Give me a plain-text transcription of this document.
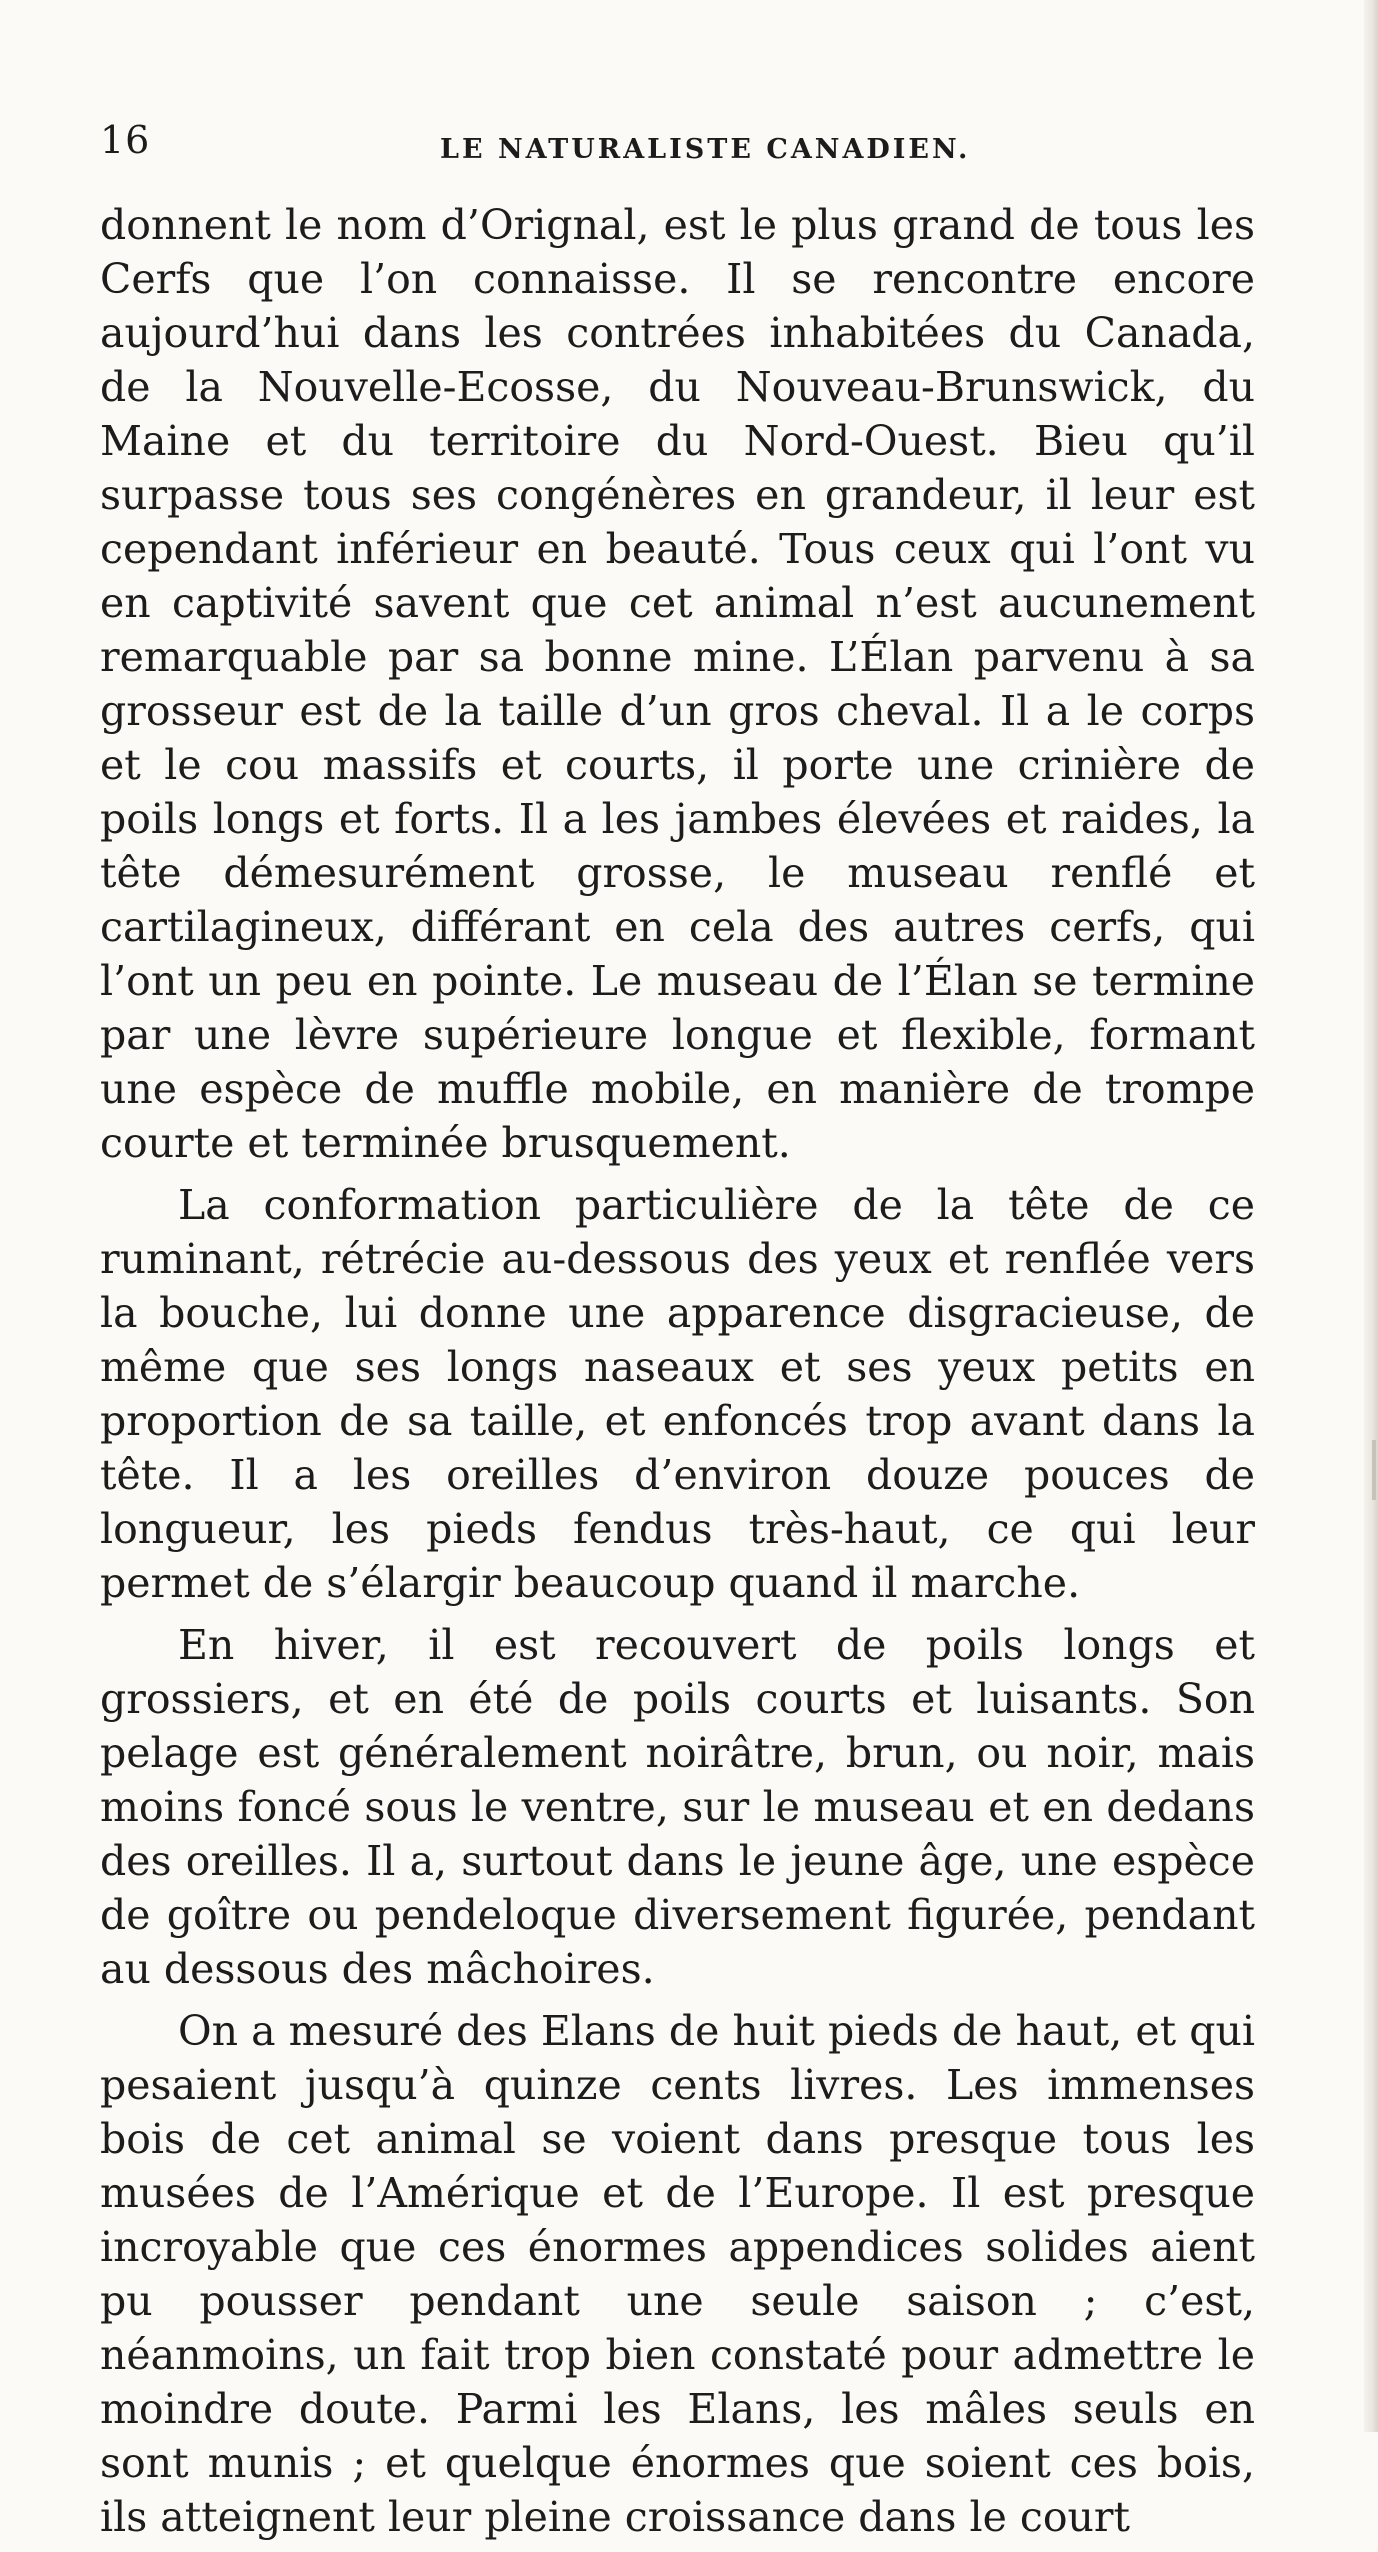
16	LE NATURALISTE CANADIEN.

donnent le nom d’Orignal, est le plus grand de tous les Cerfs que l’on connaisse. Il se rencontre encore aujourd’hui dans les contrées inhabitées du Canada, de la Nouvelle-Ecosse, du Nouveau-Brunswick, du Maine et du territoire du Nord-Ouest. Bieu qu’il surpasse tous ses congénères en grandeur, il leur est cependant inférieur en beauté. Tous ceux qui l’ont vu en captivité savent que cet animal n’est aucunement remarquable par sa bonne mine. L’Élan parvenu à sa grosseur est de la taille d’un gros cheval. Il a le corps et le cou massifs et courts, il porte une crinière de poils longs et forts. Il a les jambes élevées et raides, la tête démesurément grosse, le museau renflé et cartilagineux, différant en cela des autres cerfs, qui l’ont un peu en pointe. Le museau de l’Élan se termine par une lèvre supérieure longue et flexible, formant une espèce de muffle mobile, en manière de trompe courte et terminée brusquement.

La conformation particulière de la tête de ce ruminant, rétrécie au-dessous des yeux et renflée vers la bouche, lui donne une apparence disgracieuse, de même que ses longs naseaux et ses yeux petits en proportion de sa taille, et enfoncés trop avant dans la tête. Il a les oreilles d’environ douze pouces de longueur, les pieds fendus très-haut, ce qui leur permet de s’élargir beaucoup quand il marche.

En hiver, il est recouvert de poils longs et grossiers, et en été de poils courts et luisants. Son pelage est généralement noirâtre, brun, ou noir, mais moins foncé sous le ventre, sur le museau et en dedans des oreilles. Il a, surtout dans le jeune âge, une espèce de goître ou pendeloque diversement figurée, pendant au dessous des mâchoires.

On a mesuré des Elans de huit pieds de haut, et qui pesaient jusqu’à quinze cents livres. Les immenses bois de cet animal se voient dans presque tous les musées de l’Amérique et de l’Europe. Il est presque incroyable que ces énormes appendices solides aient pu pousser pendant une seule saison ; c’est, néanmoins, un fait trop bien constaté pour admettre le moindre doute. Parmi les Elans, les mâles seuls en sont munis ; et quelque énormes que soient ces bois, ils atteignent leur pleine croissance dans le court
